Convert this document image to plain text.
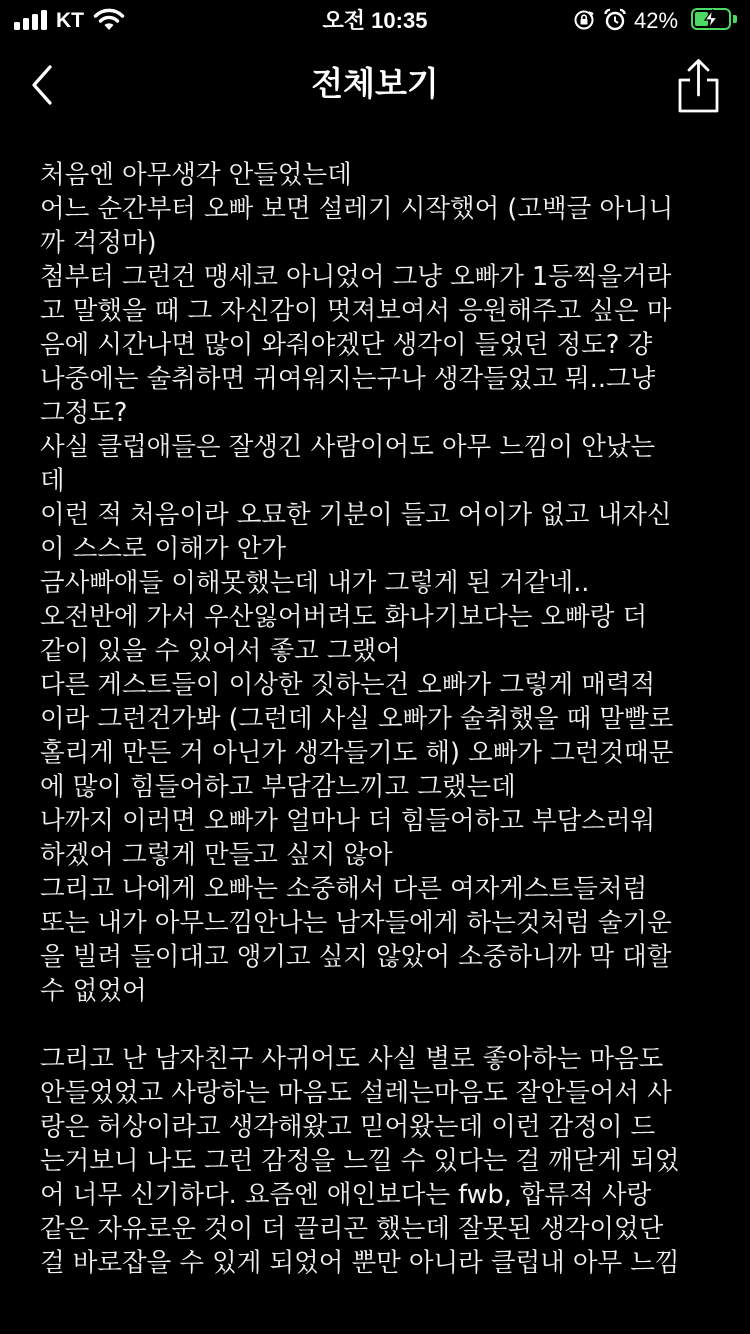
KT	오전 10:35	42%
전체보기
처음엔 아무생각 안들었는데
어느 순간부터 오빠 보면 설레기 시작했어 (고백글 아니니
까 걱정마)
첨부터 그런건 맹세코 아니었어 그냥 오빠가 1등찍을거라
고 말했을 때 그 자신감이 멋져보여서 응원해주고 싶은 마
음에 시간나면 많이 와줘야겠단 생각이 들었던 정도? 걍
나중에는 술취하면 귀여워지는구나 생각들었고 뭐..그냥
그정도?
사실 클럽애들은 잘생긴 사람이어도 아무 느낌이 안났는
데
이런 적 처음이라 오묘한 기분이 들고 어이가 없고 내자신
이 스스로 이해가 안가
금사빠애들 이해못했는데 내가 그렇게 된 거같네..
오전반에 가서 우산잃어버려도 화나기보다는 오빠랑 더
같이 있을 수 있어서 좋고 그랬어
다른 게스트들이 이상한 짓하는건 오빠가 그렇게 매력적
이라 그런건가봐 (그런데 사실 오빠가 술취했을 때 말빨로
홀리게 만든 거 아닌가 생각들기도 해) 오빠가 그런것때문
에 많이 힘들어하고 부담감느끼고 그랬는데
나까지 이러면 오빠가 얼마나 더 힘들어하고 부담스러워
하겠어 그렇게 만들고 싶지 않아
그리고 나에게 오빠는 소중해서 다른 여자게스트들처럼
또는 내가 아무느낌안나는 남자들에게 하는것처럼 술기운
을 빌려 들이대고 앵기고 싶지 않았어 소중하니까 막 대할
수 없었어
그리고 난 남자친구 사귀어도 사실 별로 좋아하는 마음도
안들었었고 사랑하는 마음도 설레는마음도 잘안들어서 사
랑은 허상이라고 생각해왔고 믿어왔는데 이런 감정이 드
는거보니 나도 그런 감정을 느낄 수 있다는 걸 깨닫게 되었
어 너무 신기하다. 요즘엔 애인보다는 fwb, 합류적 사랑
같은 자유로운 것이 더 끌리곤 했는데 잘못된 생각이었단
걸 바로잡을 수 있게 되었어 뿐만 아니라 클럽내 아무 느낌
